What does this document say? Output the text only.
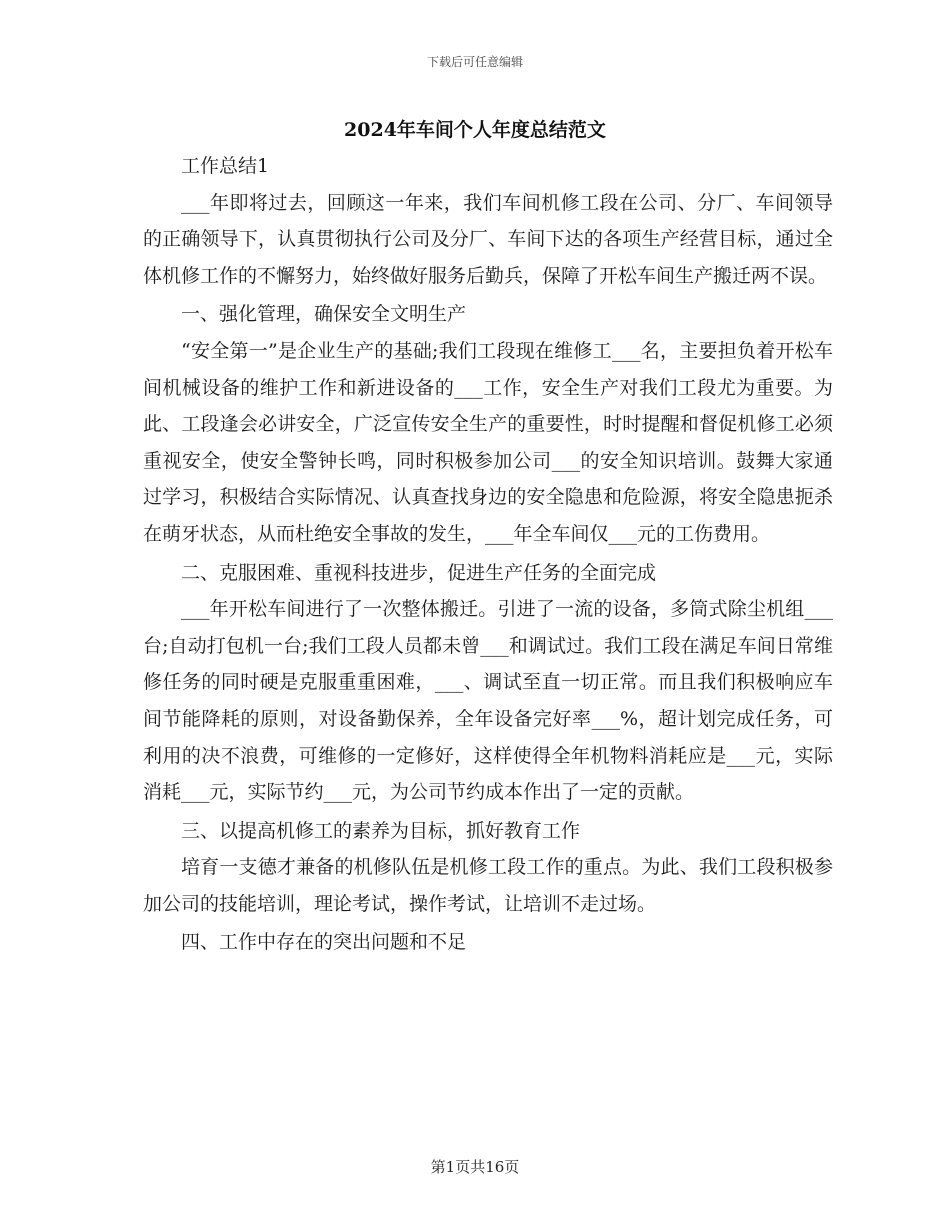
下载后可任意编辑
2024年车间个人年度总结范文

工作总结1

___年即将过去，回顾这一年来，我们车间机修工段在公司、分厂、车间领导的正确领导下，认真贯彻执行公司及分厂、车间下达的各项生产经营目标，通过全体机修工作的不懈努力，始终做好服务后勤兵，保障了开松车间生产搬迁两不误。

一、强化管理，确保安全文明生产

“安全第一”是企业生产的基础;我们工段现在维修工___名，主要担负着开松车间机械设备的维护工作和新进设备的___工作，安全生产对我们工段尤为重要。为此、工段逢会必讲安全，广泛宣传安全生产的重要性，时时提醒和督促机修工必须重视安全，使安全警钟长鸣，同时积极参加公司___的安全知识培训。鼓舞大家通过学习，积极结合实际情况、认真查找身边的安全隐患和危险源，将安全隐患扼杀在萌牙状态，从而杜绝安全事故的发生，___年全车间仅___元的工伤费用。

二、克服困难、重视科技进步，促进生产任务的全面完成

___年开松车间进行了一次整体搬迁。引进了一流的设备，多筒式除尘机组___台;自动打包机一台;我们工段人员都未曾___和调试过。我们工段在满足车间日常维修任务的同时硬是克服重重困难，___、调试至直一切正常。而且我们积极响应车间节能降耗的原则，对设备勤保养，全年设备完好率___%，超计划完成任务，可利用的决不浪费，可维修的一定修好，这样使得全年机物料消耗应是___元，实际消耗___元，实际节约___元，为公司节约成本作出了一定的贡献。

三、以提高机修工的素养为目标，抓好教育工作

培育一支德才兼备的机修队伍是机修工段工作的重点。为此、我们工段积极参加公司的技能培训，理论考试，操作考试，让培训不走过场。

四、工作中存在的突出问题和不足

第1页共16页
